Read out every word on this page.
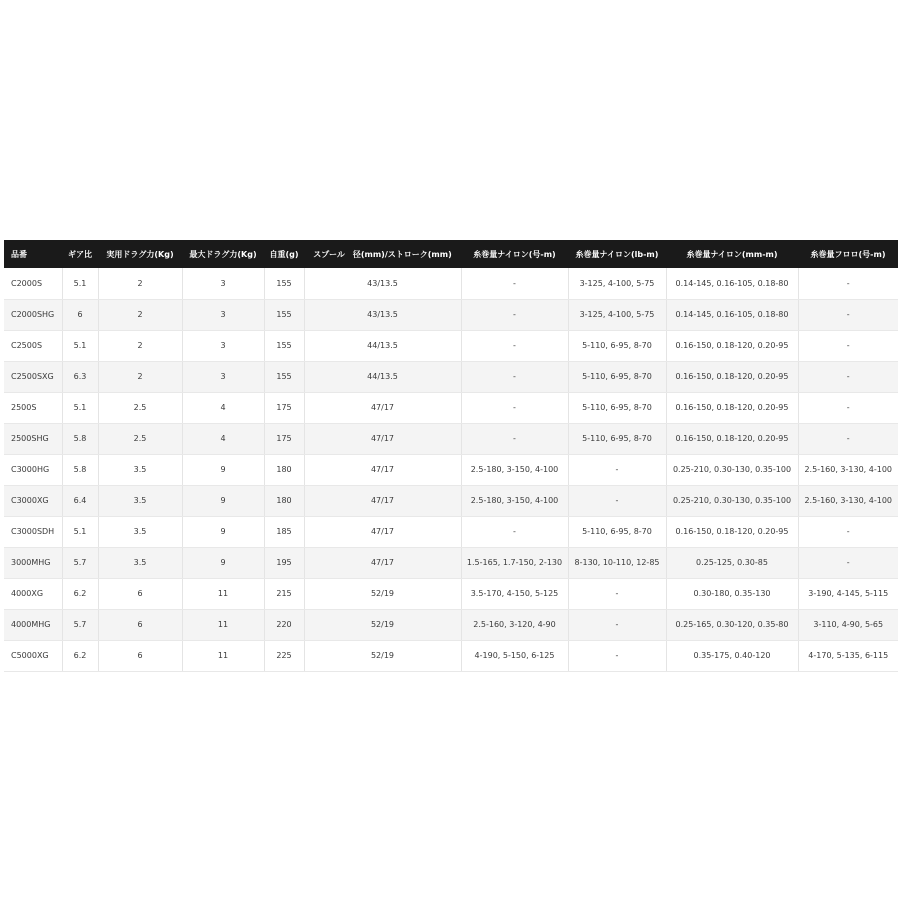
品番	ギア比	実用ドラグ力(Kg)	最大ドラグ力(Kg)	自重(g)	スプール　径(mm)/ストローク(mm)	糸巻量ナイロン(号-m)	糸巻量ナイロン(lb-m)	糸巻量ナイロン(mm-m)	糸巻量フロロ(号-m)
C2000S	5.1	2	3	155	43/13.5	-	3-125, 4-100, 5-75	0.14-145, 0.16-105, 0.18-80	-
C2000SHG	6	2	3	155	43/13.5	-	3-125, 4-100, 5-75	0.14-145, 0.16-105, 0.18-80	-
C2500S	5.1	2	3	155	44/13.5	-	5-110, 6-95, 8-70	0.16-150, 0.18-120, 0.20-95	-
C2500SXG	6.3	2	3	155	44/13.5	-	5-110, 6-95, 8-70	0.16-150, 0.18-120, 0.20-95	-
2500S	5.1	2.5	4	175	47/17	-	5-110, 6-95, 8-70	0.16-150, 0.18-120, 0.20-95	-
2500SHG	5.8	2.5	4	175	47/17	-	5-110, 6-95, 8-70	0.16-150, 0.18-120, 0.20-95	-
C3000HG	5.8	3.5	9	180	47/17	2.5-180, 3-150, 4-100	-	0.25-210, 0.30-130, 0.35-100	2.5-160, 3-130, 4-100
C3000XG	6.4	3.5	9	180	47/17	2.5-180, 3-150, 4-100	-	0.25-210, 0.30-130, 0.35-100	2.5-160, 3-130, 4-100
C3000SDH	5.1	3.5	9	185	47/17	-	5-110, 6-95, 8-70	0.16-150, 0.18-120, 0.20-95	-
3000MHG	5.7	3.5	9	195	47/17	1.5-165, 1.7-150, 2-130	8-130, 10-110, 12-85	0.25-125, 0.30-85	-
4000XG	6.2	6	11	215	52/19	3.5-170, 4-150, 5-125	-	0.30-180, 0.35-130	3-190, 4-145, 5-115
4000MHG	5.7	6	11	220	52/19	2.5-160, 3-120, 4-90	-	0.25-165, 0.30-120, 0.35-80	3-110, 4-90, 5-65
C5000XG	6.2	6	11	225	52/19	4-190, 5-150, 6-125	-	0.35-175, 0.40-120	4-170, 5-135, 6-115
